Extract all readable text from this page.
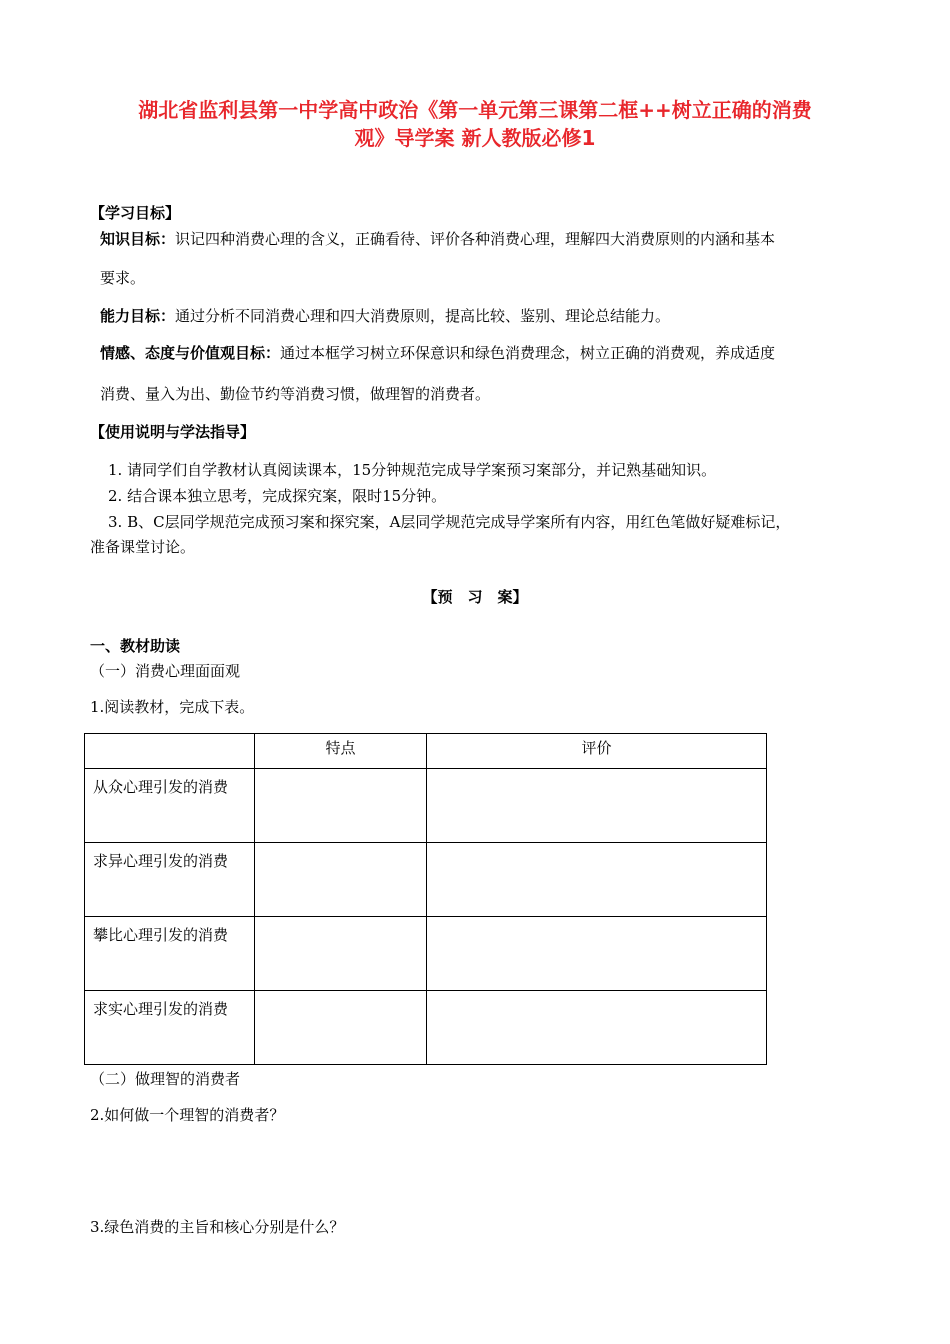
湖北省监利县第一中学高中政治《第一单元第三课第二框++树立正确的消费
观》导学案 新人教版必修1
【学习目标】
知识目标：识记四种消费心理的含义，正确看待、评价各种消费心理，理解四大消费原则的内涵和基本
要求。
能力目标：通过分析不同消费心理和四大消费原则，提高比较、鉴别、理论总结能力。
情感、态度与价值观目标：通过本框学习树立环保意识和绿色消费理念，树立正确的消费观，养成适度
消费、量入为出、勤俭节约等消费习惯，做理智的消费者。
【使用说明与学法指导】
1. 请同学们自学教材认真阅读课本，15分钟规范完成导学案预习案部分，并记熟基础知识。
2. 结合课本独立思考，完成探究案，限时15分钟。
3. B、C层同学规范完成预习案和探究案，A层同学规范完成导学案所有内容，用红色笔做好疑难标记，
准备课堂讨论。
【预　习　案】
一、教材助读
（一）消费心理面面观
1.阅读教材，完成下表。
	特点	评价
从众心理引发的消费		
求异心理引发的消费		
攀比心理引发的消费		
求实心理引发的消费		
（二）做理智的消费者
2.如何做一个理智的消费者？
3.绿色消费的主旨和核心分别是什么？
